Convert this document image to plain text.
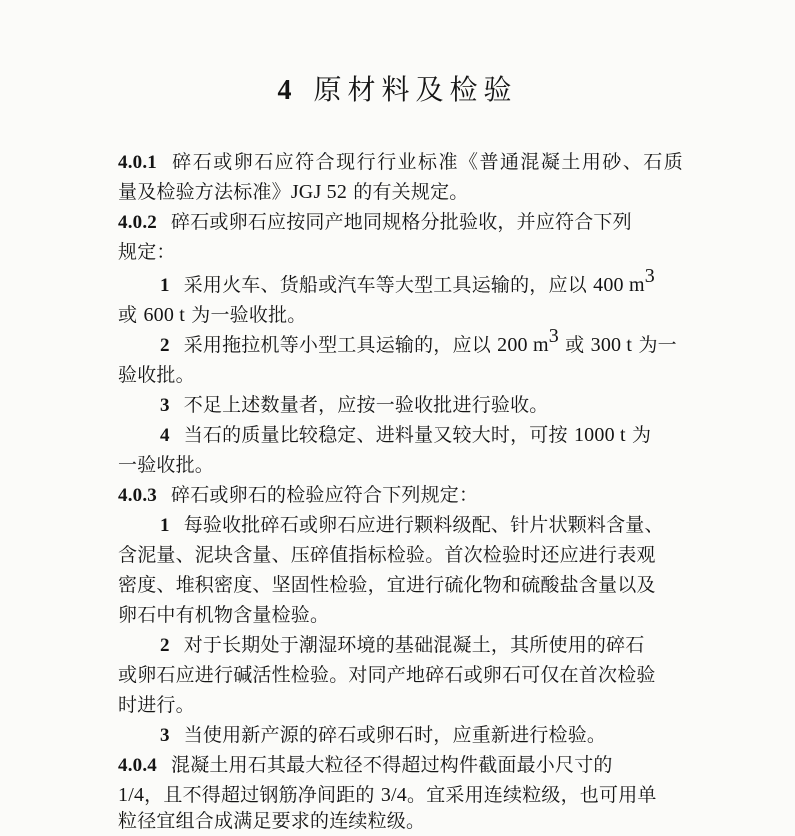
4 原材料及检验
4.0.1 碎石或卵石应符合现行行业标准《普通混凝土用砂、石质
量及检验方法标准》JGJ 52 的有关规定。
4.0.2 碎石或卵石应按同产地同规格分批验收，并应符合下列
规定：
1 采用火车、货船或汽车等大型工具运输的，应以 400 $m^3$
或 600 t 为一验收批。
2 采用拖拉机等小型工具运输的，应以 200 $m^3$ 或 300 t 为一
验收批。
3 不足上述数量者，应按一验收批进行验收。
4 当石的质量比较稳定、进料量又较大时，可按 1000 t 为
一验收批。
4.0.3 碎石或卵石的检验应符合下列规定：
1 每验收批碎石或卵石应进行颗料级配、针片状颗料含量、
含泥量、泥块含量、压碎值指标检验。首次检验时还应进行表观
密度、堆积密度、坚固性检验，宜进行硫化物和硫酸盐含量以及
卵石中有机物含量检验。
2 对于长期处于潮湿环境的基础混凝土，其所使用的碎石
或卵石应进行碱活性检验。对同产地碎石或卵石可仅在首次检验
时进行。
3 当使用新产源的碎石或卵石时，应重新进行检验。
4.0.4 混凝土用石其最大粒径不得超过构件截面最小尺寸的
1/4，且不得超过钢筋净间距的 3/4。宜采用连续粒级，也可用单
粒径宜组合成满足要求的连续粒级。
